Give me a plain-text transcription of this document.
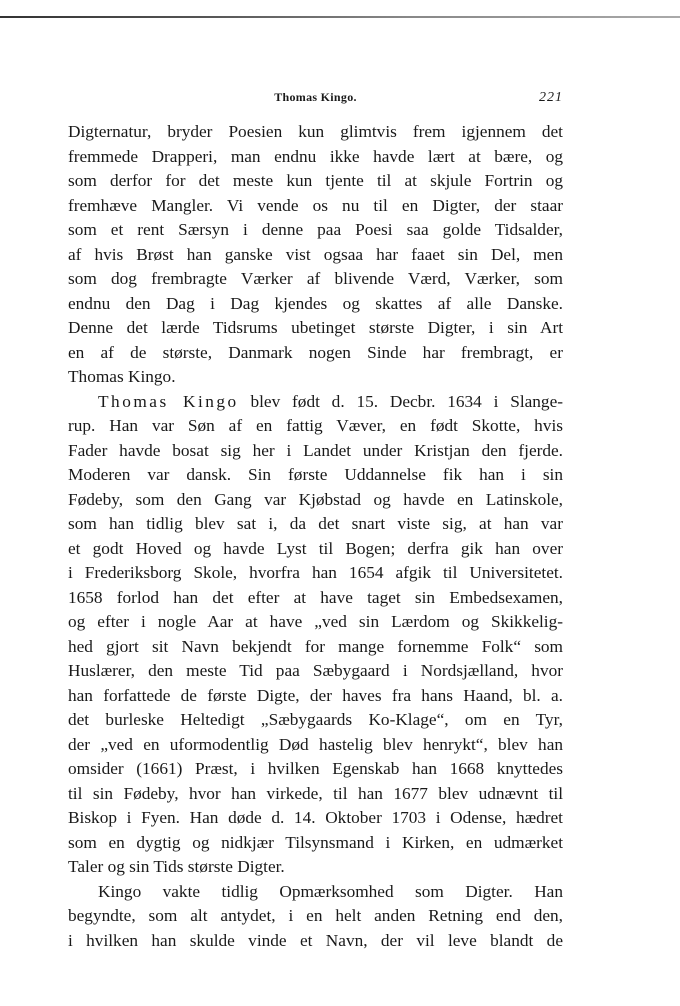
Thomas Kingo.	221

Digternatur, bryder Poesien kun glimtvis frem igjennem det

fremmede Drapperi, man endnu ikke havde lært at bære, og

som derfor for det meste kun tjente til at skjule Fortrin og

fremhæve Mangler. Vi vende os nu til en Digter, der staar

som et rent Særsyn i denne paa Poesi saa golde Tidsalder,

af hvis Brøst han ganske vist ogsaa har faaet sin Del, men

som dog frembragte Værker af blivende Værd, Værker, som

endnu den Dag i Dag kjendes og skattes af alle Danske.

Denne det lærde Tidsrums ubetinget største Digter, i sin Art

en af de største, Danmark nogen Sinde har frembragt, er

Thomas Kingo.

Thomas Kingo blev født d. 15. Decbr. 1634 i Slange-

rup. Han var Søn af en fattig Væver, en født Skotte, hvis

Fader havde bosat sig her i Landet under Kristjan den fjerde.

Moderen var dansk. Sin første Uddannelse fik han i sin

Fødeby, som den Gang var Kjøbstad og havde en Latinskole,

som han tidlig blev sat i, da det snart viste sig, at han var

et godt Hoved og havde Lyst til Bogen; derfra gik han over

i Frederiksborg Skole, hvorfra han 1654 afgik til Universitetet.

1658 forlod han det efter at have taget sin Embedsexamen,

og efter i nogle Aar at have „ved sin Lærdom og Skikkelig-

hed gjort sit Navn bekjendt for mange fornemme Folk“ som

Huslærer, den meste Tid paa Sæbygaard i Nordsjælland, hvor

han forfattede de første Digte, der haves fra hans Haand, bl. a.

det burleske Heltedigt „Sæbygaards Ko-Klage“, om en Tyr,

der „ved en uformodentlig Død hastelig blev henrykt“, blev han

omsider (1661) Præst, i hvilken Egenskab han 1668 knyttedes

til sin Fødeby, hvor han virkede, til han 1677 blev udnævnt til

Biskop i Fyen. Han døde d. 14. Oktober 1703 i Odense, hædret

som en dygtig og nidkjær Tilsynsmand i Kirken, en udmærket

Taler og sin Tids største Digter.

Kingo vakte tidlig Opmærksomhed som Digter. Han

begyndte, som alt antydet, i en helt anden Retning end den,

i hvilken han skulde vinde et Navn, der vil leve blandt de
